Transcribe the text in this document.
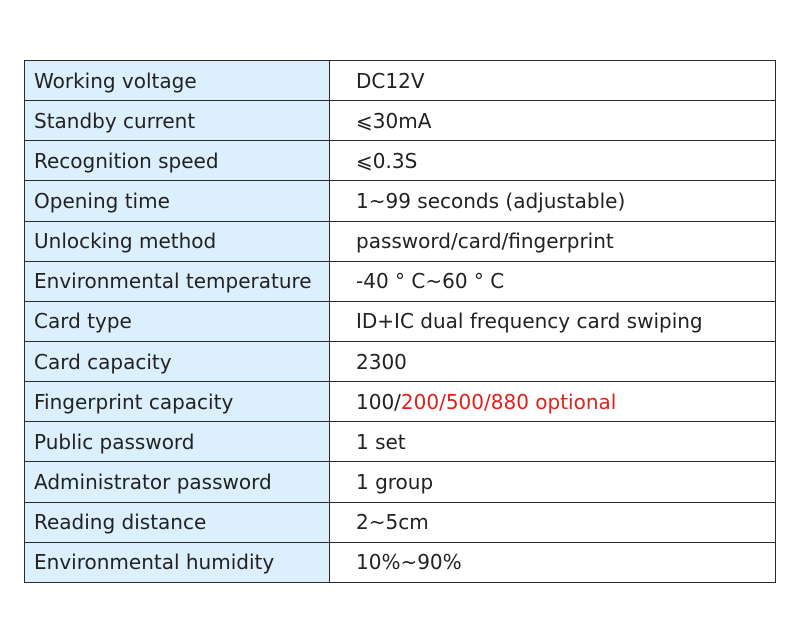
Working voltage	DC12V
Standby current	⩽30mA
Recognition speed	⩽0.3S
Opening time	1~99 seconds (adjustable)
Unlocking method	password/card/fingerprint
Environmental temperature	-40 ° C~60 ° C
Card type	ID+IC dual frequency card swiping
Card capacity	2300
Fingerprint capacity	100/200/500/880 optional
Public password	1 set
Administrator password	1 group
Reading distance	2~5cm
Environmental humidity	10%~90%
